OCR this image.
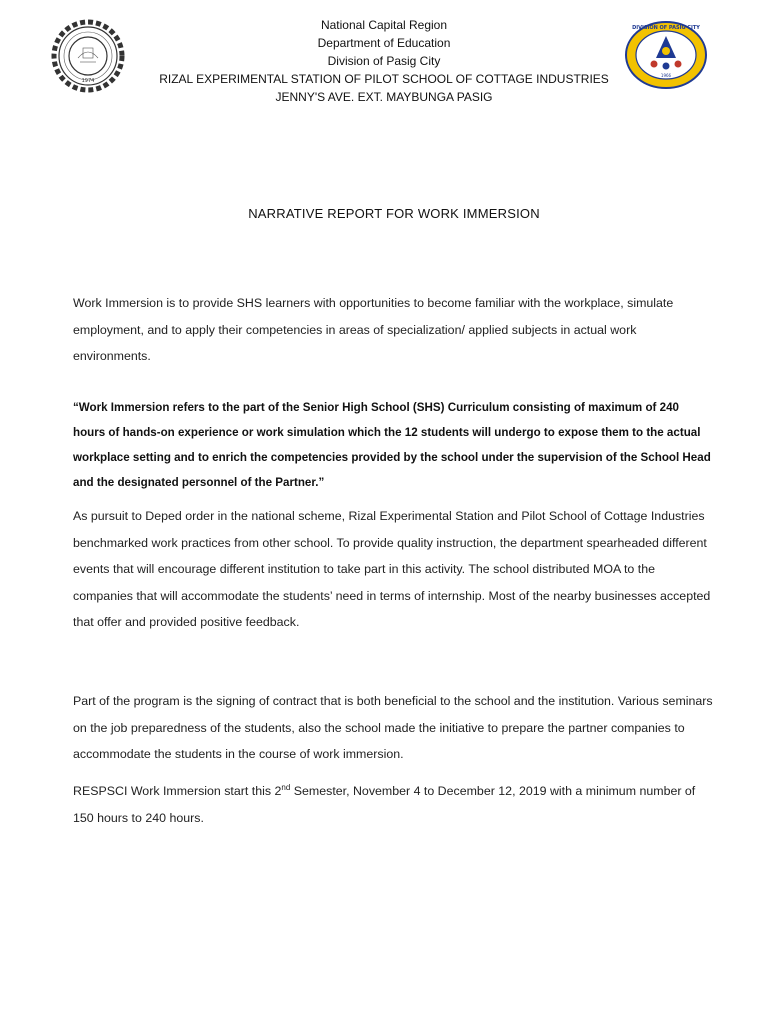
1974
1966
DIVISION OF PASIG CITY
National Capital Region
Department of Education
Division of Pasig City
RIZAL EXPERIMENTAL STATION OF PILOT SCHOOL OF COTTAGE INDUSTRIES
JENNY'S AVE. EXT. MAYBUNGA PASIG
NARRATIVE REPORT FOR WORK IMMERSION

Work Immersion is to provide SHS learners with opportunities to become familiar with the workplace, simulate employment, and to apply their competencies in areas of specialization/ applied subjects in actual work environments.

“Work Immersion refers to the part of the Senior High School (SHS) Curriculum consisting of maximum of 240 hours of hands-on experience or work simulation which the 12 students will undergo to expose them to the actual workplace setting and to enrich the competencies provided by the school under the supervision of the School Head and the designated personnel of the Partner.”

As pursuit to Deped order in the national scheme, Rizal Experimental Station and Pilot School of Cottage Industries benchmarked work practices from other school. To provide quality instruction, the department spearheaded different events that will encourage different institution to take part in this activity. The school distributed MOA to the companies that will accommodate the students’ need in terms of internship. Most of the nearby businesses accepted that offer and provided positive feedback.

Part of the program is the signing of contract that is both beneficial to the school and the institution. Various seminars on the job preparedness of the students, also the school made the initiative to prepare the partner companies to accommodate the students in the course of work immersion.

RESPSCI Work Immersion start this 2nd Semester, November 4 to December 12, 2019 with a minimum number of 150 hours to 240 hours.
